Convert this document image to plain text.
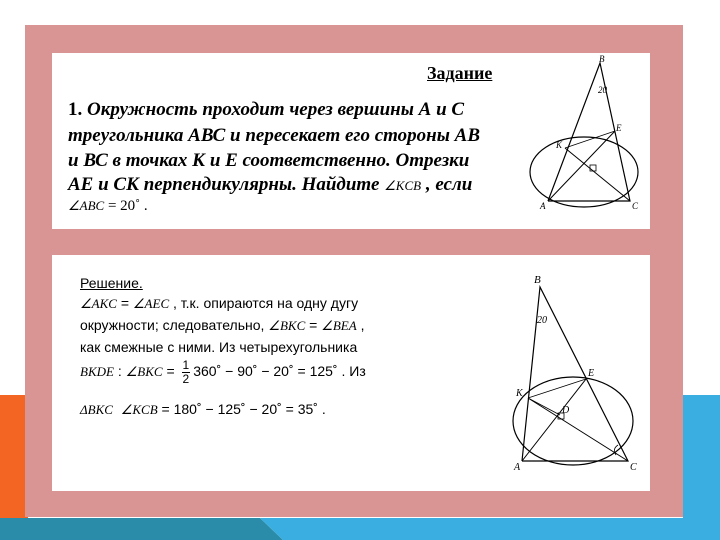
Задание
1. Окружность проходит через вершины А и С
треугольника АВС и пересекает его стороны АВ
и ВС в точках К и Е соответственно. Отрезки
АЕ и СК перпендикулярны. Найдите ∠KCB , если
∠ABC = 20˚ .
B
20
K
E
A	C
Решение.
∠AKC = ∠AEC , т.к. опираются на одну дугу
окружности; следовательно, ∠BKC = ∠BEA ,
как смежные с ними. Из четырехугольника
BKDE : ∠BKC = $\frac{1}{2}$ 360˚ − 90˚ − 20˚ = 125˚ . Из
ΔBKC ∠KCB = 180˚ − 125˚ − 20˚ = 35˚ .
B
20
K
E
D
A	C
